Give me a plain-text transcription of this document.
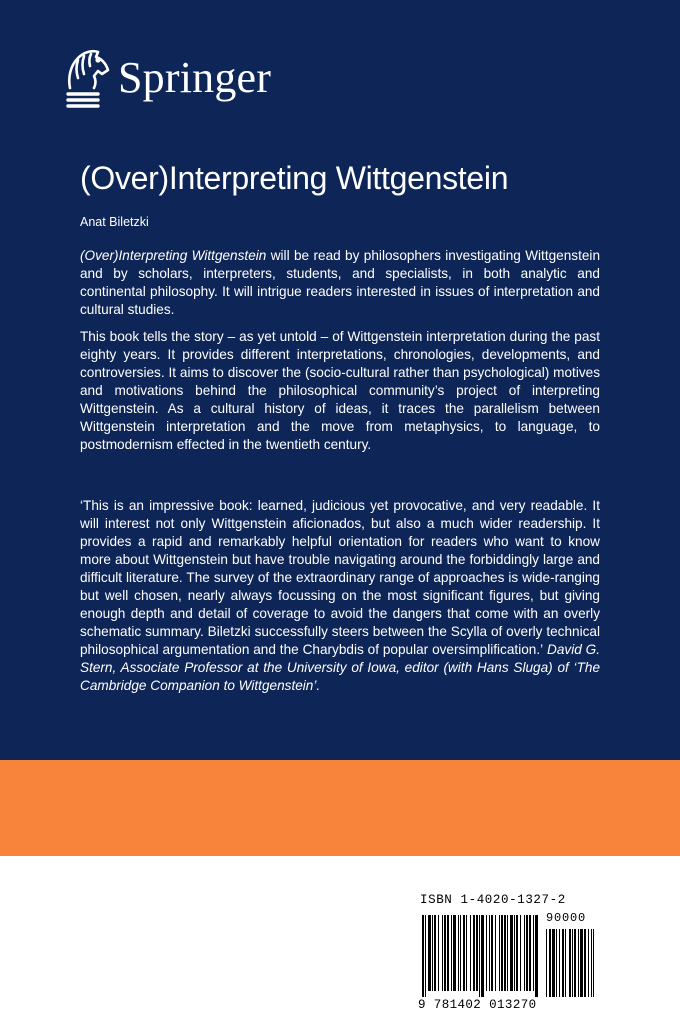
Springer
(Over)Interpreting Wittgenstein
Anat Biletzki

(Over)Interpreting Wittgenstein will be read by philosophers investigating Wittgenstein and by scholars, interpreters, students, and specialists, in both analytic and continental philosophy. It will intrigue readers interested in issues of interpretation and cultural studies.

This book tells the story – as yet untold – of Wittgenstein interpretation during the past eighty years. It provides different interpretations, chronologies, developments, and controversies. It aims to discover the (socio-cultural rather than psychological) motives and motivations behind the philosophical community’s project of interpreting Wittgenstein. As a cultural history of ideas, it traces the parallelism between Wittgenstein interpretation and the move from metaphysics, to language, to postmodernism effected in the twentieth century.

‘This is an impressive book: learned, judicious yet provocative, and very readable. It will interest not only Wittgenstein aficionados, but also a much wider readership. It provides a rapid and remarkably helpful orientation for readers who want to know more about Wittgenstein but have trouble navigating around the forbiddingly large and difficult literature. The survey of the extraordinary range of approaches is wide-ranging but well chosen, nearly always focussing on the most significant figures, but giving enough depth and detail of coverage to avoid the dangers that come with an overly schematic summary. Biletzki successfully steers between the Scylla of overly technical philosophical argumentation and the Charybdis of popular oversimplification.’ David G. Stern, Associate Professor at the University of Iowa, editor (with Hans Sluga) of ‘The Cambridge Companion to Wittgenstein’.

ISBN 1-4020-1327-2
90000
9 781402 013270
